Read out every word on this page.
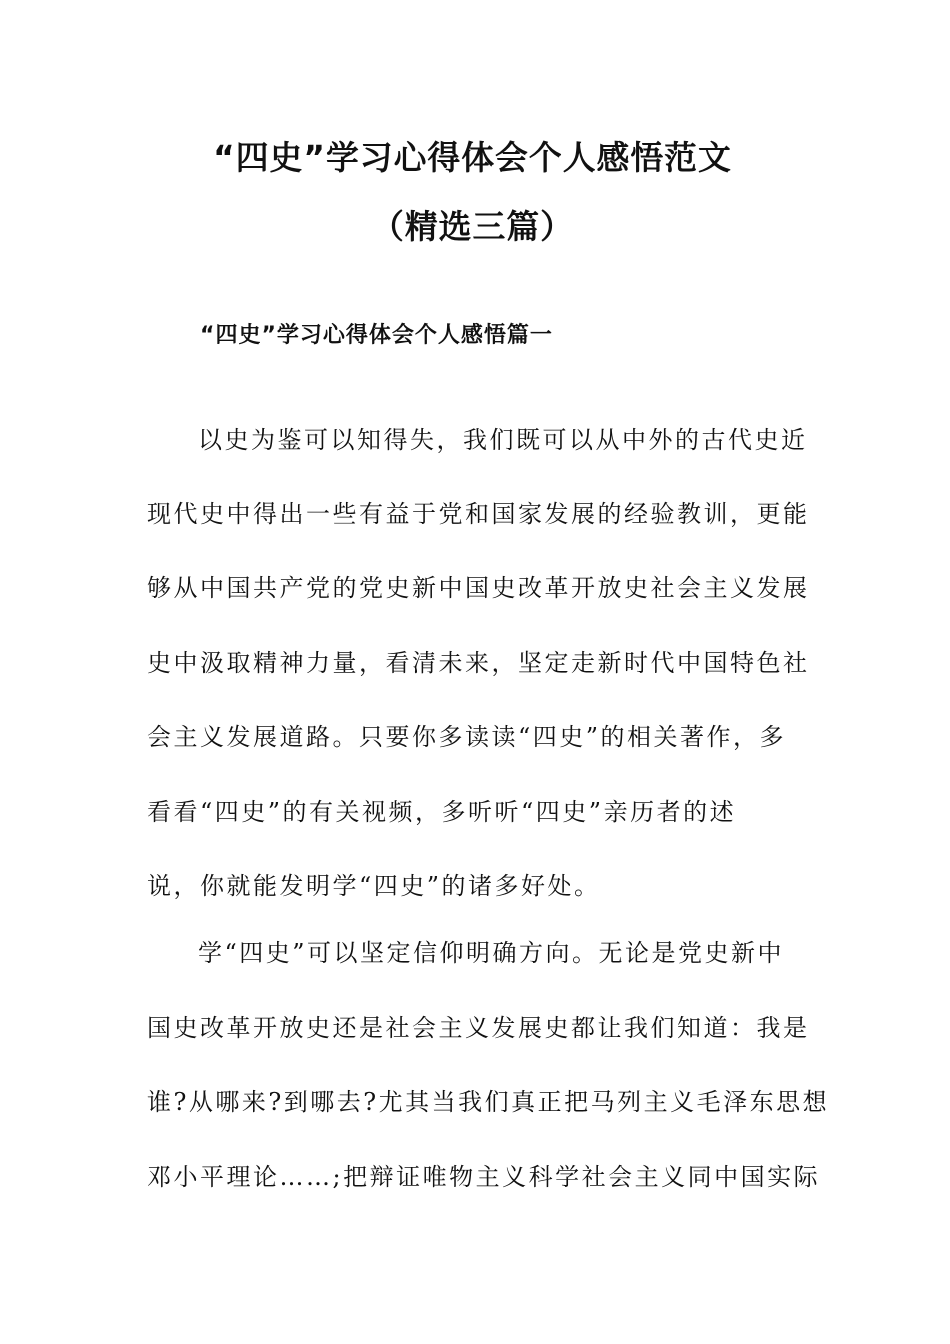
“四史”学习心得体会个人感悟范文
（精选三篇）
“四史”学习心得体会个人感悟篇一
以史为鉴可以知得失，我们既可以从中外的古代史近
现代史中得出一些有益于党和国家发展的经验教训，更能
够从中国共产党的党史新中国史改革开放史社会主义发展
史中汲取精神力量，看清未来，坚定走新时代中国特色社
会主义发展道路。只要你多读读“四史”的相关著作，多
看看“四史”的有关视频，多听听“四史”亲历者的述
说，你就能发明学“四史”的诸多好处。
学“四史”可以坚定信仰明确方向。无论是党史新中
国史改革开放史还是社会主义发展史都让我们知道：我是
谁?从哪来?到哪去?尤其当我们真正把马列主义毛泽东思想
邓小平理论……;把辩证唯物主义科学社会主义同中国实际
